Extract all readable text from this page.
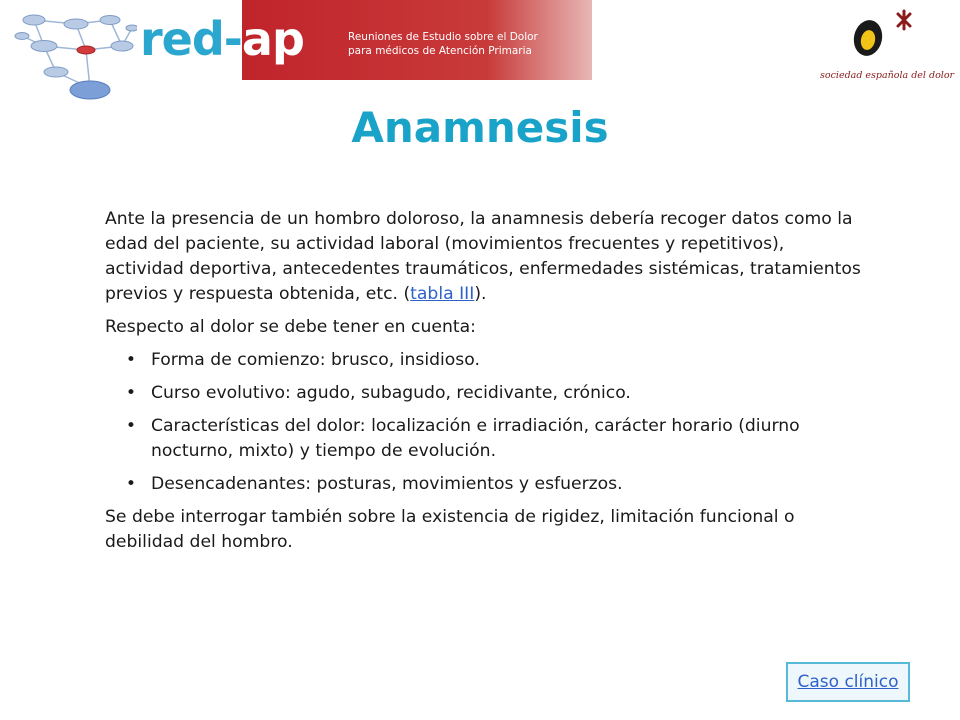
red-ap	Reuniones de Estudio sobre el Dolor
para médicos de Atención Primaria
sociedad española del dolor
Anamnesis

Ante la presencia de un hombro doloroso, la anamnesis debería recoger datos como la edad del paciente, su actividad laboral (movimientos frecuentes y repetitivos), actividad deportiva, antecedentes traumáticos, enfermedades sistémicas, tratamientos previos y respuesta obtenida, etc. (tabla III).

Respecto al dolor se debe tener en cuenta:

• Forma de comienzo: brusco, insidioso.
• Curso evolutivo: agudo, subagudo, recidivante, crónico.
• Características del dolor: localización e irradiación, carácter horario (diurno nocturno, mixto) y tiempo de evolución.
• Desencadenantes: posturas, movimientos y esfuerzos.

Se debe interrogar también sobre la existencia de rigidez, limitación funcional o debilidad del hombro.

Caso clínico
